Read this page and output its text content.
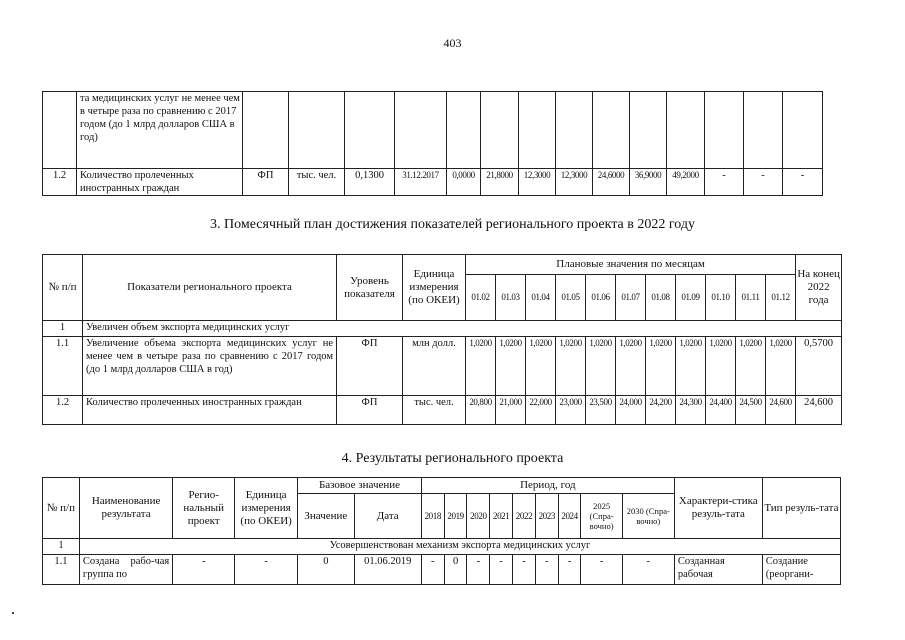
403
	та медицинских услуг не менее чем в четыре раза по сравнению с 2017 годом (до 1 млрд долларов США в год)														
1.2	Количество пролеченных иностранных граждан	ФП	тыс. чел.	0,1300	31.12.2017	0,0000	21,8000	12,3000	12,3000	24,6000	36,9000	49,2000	-	-	-
3. Помесячный план достижения показателей регионального проекта в 2022 году
№ п/п	Показатели регионального проекта	Уровень показателя	Единица измерения (по ОКЕИ)	Плановые значения по месяцам											На конец 2022 года
				01.02	01.03	01.04	01.05	01.06	01.07	01.08	01.09	01.10	01.11	01.12	
1	Увеличен объем экспорта медицинских услуг														
1.1	Увеличение объема экспорта медицинских услуг не менее чем в четыре раза по сравнению с 2017 годом (до 1 млрд долларов США в год)	ФП	млн долл.	1,0200	1,0200	1,0200	1,0200	1,0200	1,0200	1,0200	1,0200	1,0200	1,0200	1,0200	0,5700
1.2	Количество пролеченных иностранных граждан	ФП	тыс. чел.	20,800	21,000	22,000	23,000	23,500	24,000	24,200	24,300	24,400	24,500	24,600	24,600
4. Результаты регионального проекта
№ п/п	Наименование результата	Регио-нальный проект	Единица измерения (по ОКЕИ)	Базовое значение		Период, год									Характери-стика резуль-тата	Тип резуль-тата
				Значение	Дата	2018	2019	2020	2021	2022	2023	2024	2025 (Спра-вочно)	2030 (Спра-вочно)		
1	Усовершенствован механизм экспорта медицинских услуг															
1.1	Создана рабо-чая группа по	-	-	0	01.06.2019	-	0	-	-	-	-	-	-	-	Созданная рабочая	Создание (реоргани-
